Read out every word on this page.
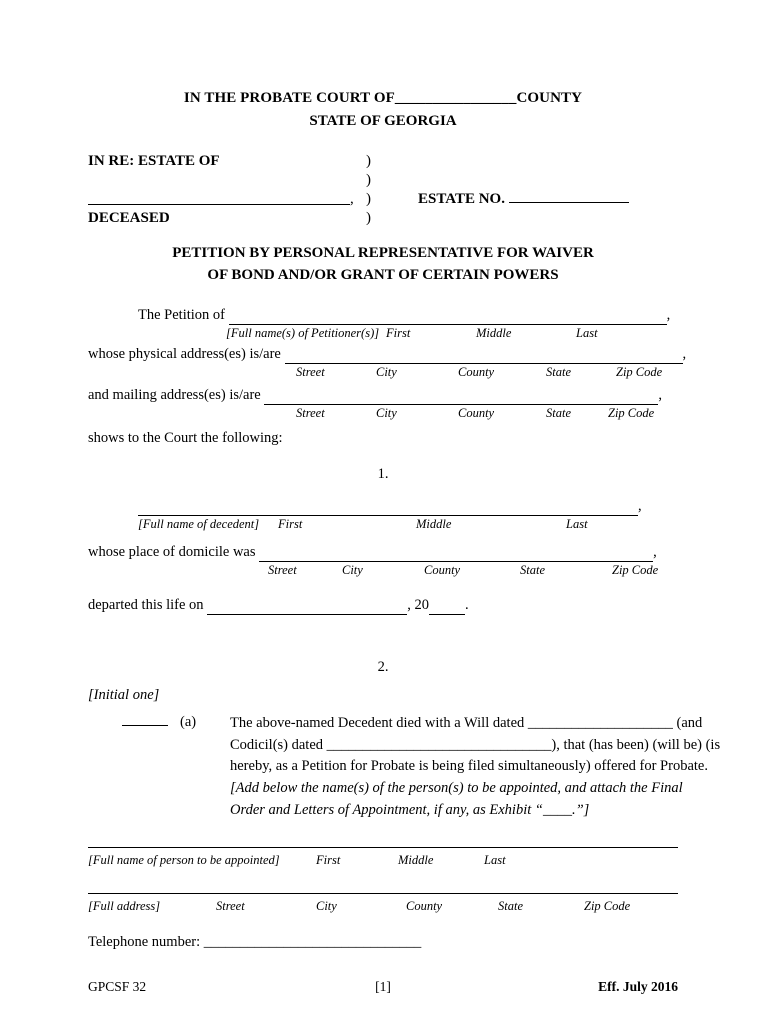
IN THE PROBATE COURT OF________________COUNTY
STATE OF GEORGIA
IN RE: ESTATE OF	)
)
)
)
,
DECEASED
ESTATE NO.
PETITION BY PERSONAL REPRESENTATIVE FOR WAIVER
OF BOND AND/OR GRANT OF CERTAIN POWERS
The Petition of	,
[Full name(s) of Petitioner(s)] First	Middle	Last
whose physical address(es) is/are	,
Street	City	County	State	Zip Code
and mailing address(es) is/are	,
Street	City	County	State	Zip Code
shows to the Court the following:
1.
,
[Full name of decedent] First	Middle	Last
whose place of domicile was	,
Street	City	County	State	Zip Code
departed this life on	, 20 .
2.
[Initial one]
(a) The above-named Decedent died with a Will dated ____________________ (and
Codicil(s) dated _______________________________), that (has been) (will be) (is
hereby, as a Petition for Probate is being filed simultaneously) offered for Probate.
[Add below the name(s) of the person(s) to be appointed, and attach the Final
Order and Letters of Appointment, if any, as Exhibit “____.”]
[Full name of person to be appointed]	First	Middle	Last
[Full address]	Street	City	County	State	Zip Code
Telephone number: ______________________________
GPCSF 32	[1]	Eff. July 2016
